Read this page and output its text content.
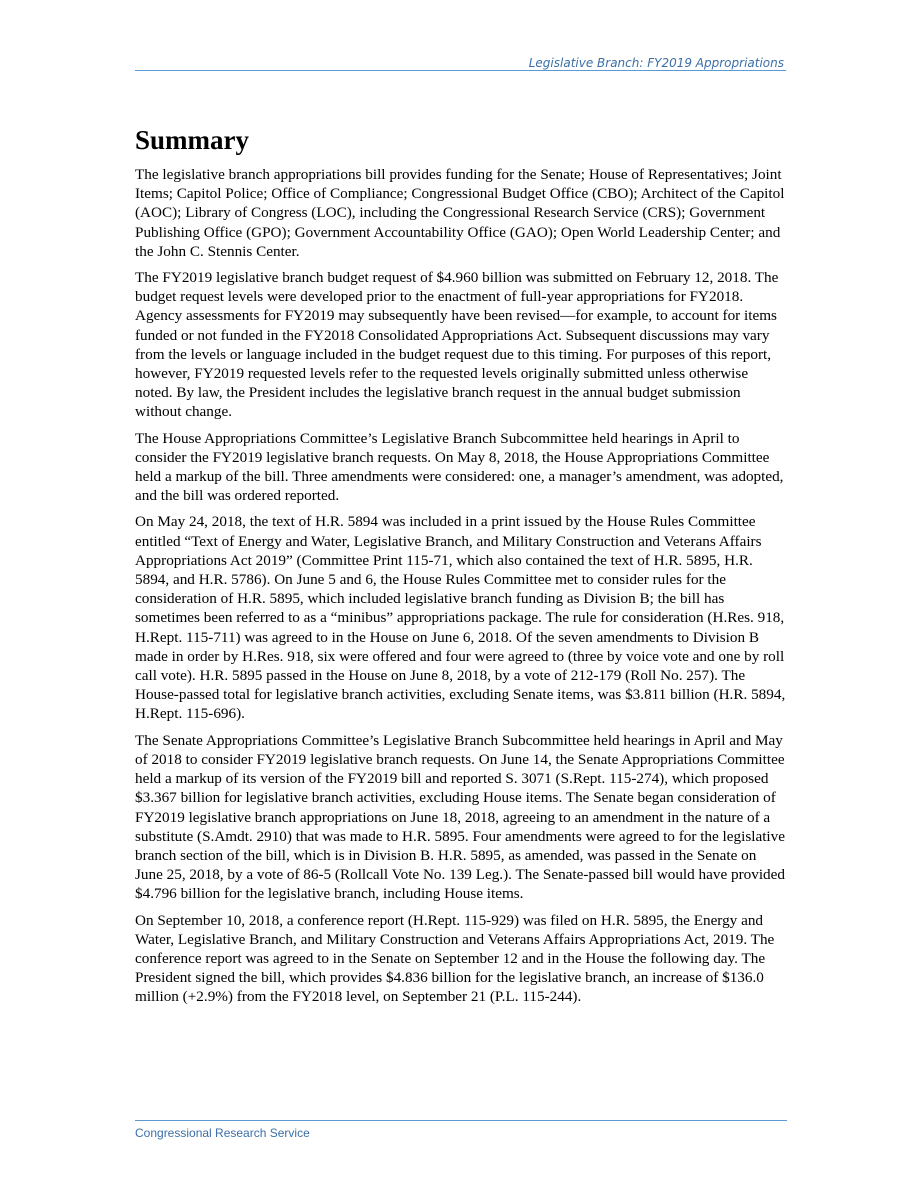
Legislative Branch: FY2019 Appropriations
Summary

The legislative branch appropriations bill provides funding for the Senate; House of Representatives; Joint Items; Capitol Police; Office of Compliance; Congressional Budget Office (CBO); Architect of the Capitol (AOC); Library of Congress (LOC), including the Congressional Research Service (CRS); Government Publishing Office (GPO); Government Accountability Office (GAO); Open World Leadership Center; and the John C. Stennis Center.

The FY2019 legislative branch budget request of $4.960 billion was submitted on February 12, 2018. The budget request levels were developed prior to the enactment of full-year appropriations for FY2018. Agency assessments for FY2019 may subsequently have been revised—for example, to account for items funded or not funded in the FY2018 Consolidated Appropriations Act. Subsequent discussions may vary from the levels or language included in the budget request due to this timing. For purposes of this report, however, FY2019 requested levels refer to the requested levels originally submitted unless otherwise noted. By law, the President includes the legislative branch request in the annual budget submission without change.

The House Appropriations Committee’s Legislative Branch Subcommittee held hearings in April to consider the FY2019 legislative branch requests. On May 8, 2018, the House Appropriations Committee held a markup of the bill. Three amendments were considered: one, a manager’s amendment, was adopted, and the bill was ordered reported.

On May 24, 2018, the text of H.R. 5894 was included in a print issued by the House Rules Committee entitled “Text of Energy and Water, Legislative Branch, and Military Construction and Veterans Affairs Appropriations Act 2019” (Committee Print 115-71, which also contained the text of H.R. 5895, H.R. 5894, and H.R. 5786). On June 5 and 6, the House Rules Committee met to consider rules for the consideration of H.R. 5895, which included legislative branch funding as Division B; the bill has sometimes been referred to as a “minibus” appropriations package. The rule for consideration (H.Res. 918, H.Rept. 115-711) was agreed to in the House on June 6, 2018. Of the seven amendments to Division B made in order by H.Res. 918, six were offered and four were agreed to (three by voice vote and one by roll call vote). H.R. 5895 passed in the House on June 8, 2018, by a vote of 212-179 (Roll No. 257). The House-passed total for legislative branch activities, excluding Senate items, was $3.811 billion (H.R. 5894, H.Rept. 115-696).

The Senate Appropriations Committee’s Legislative Branch Subcommittee held hearings in April and May of 2018 to consider FY2019 legislative branch requests. On June 14, the Senate Appropriations Committee held a markup of its version of the FY2019 bill and reported S. 3071 (S.Rept. 115-274), which proposed $3.367 billion for legislative branch activities, excluding House items. The Senate began consideration of FY2019 legislative branch appropriations on June 18, 2018, agreeing to an amendment in the nature of a substitute (S.Amdt. 2910) that was made to H.R. 5895. Four amendments were agreed to for the legislative branch section of the bill, which is in Division B. H.R. 5895, as amended, was passed in the Senate on June 25, 2018, by a vote of 86-5 (Rollcall Vote No. 139 Leg.). The Senate-passed bill would have provided $4.796 billion for the legislative branch, including House items.

On September 10, 2018, a conference report (H.Rept. 115-929) was filed on H.R. 5895, the Energy and Water, Legislative Branch, and Military Construction and Veterans Affairs Appropriations Act, 2019. The conference report was agreed to in the Senate on September 12 and in the House the following day. The President signed the bill, which provides $4.836 billion for the legislative branch, an increase of $136.0 million (+2.9%) from the FY2018 level, on September 21 (P.L. 115-244).

Congressional Research Service
